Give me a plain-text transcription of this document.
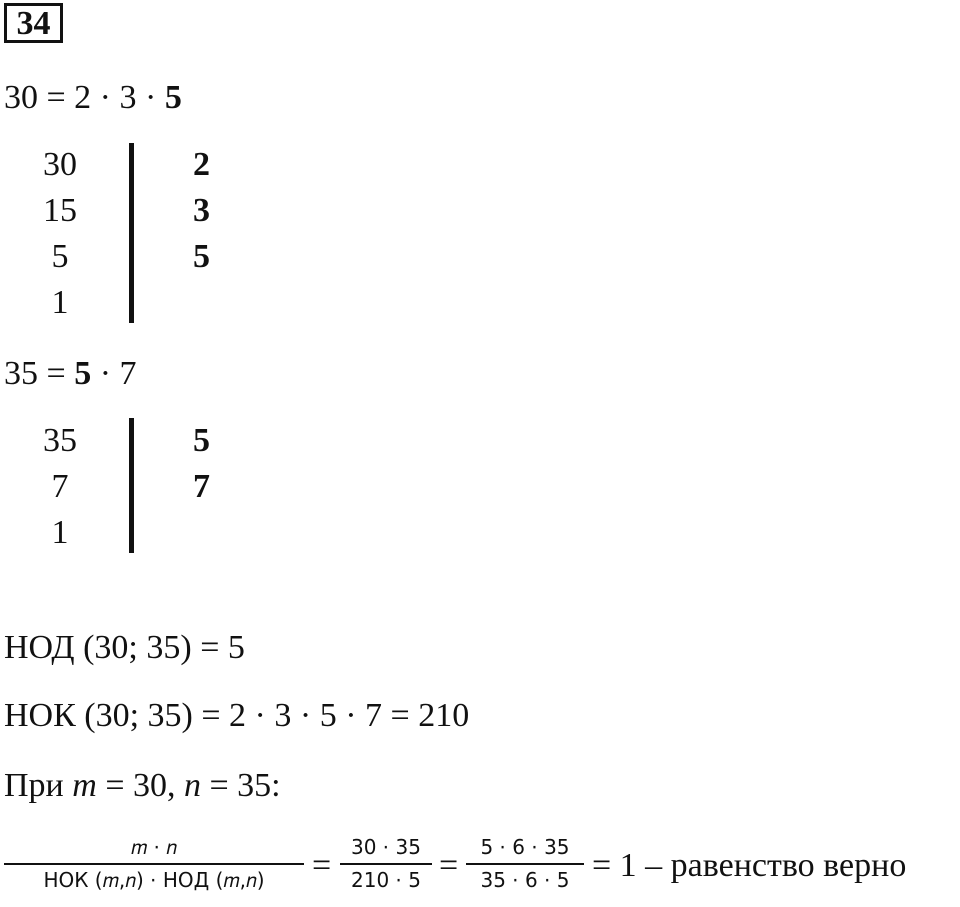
34
30 = 2 · 3 · 5
30
15
5
1
2
3
5
35 = 5 · 7
35
7
1
5
7
НОД (30; 35) = 5
НОК (30; 35) = 2 · 3 · 5 · 7 = 210
При m = 30, n = 35:
𝑚 ⋅ 𝑛
НОК (𝑚,𝑛) ⋅ НОД (𝑚,𝑛)	= 30 ⋅ 35
210 ⋅ 5 =	5 ⋅ 6 ⋅ 35
35 ⋅ 6 ⋅ 5 = 1 – равенство верно
